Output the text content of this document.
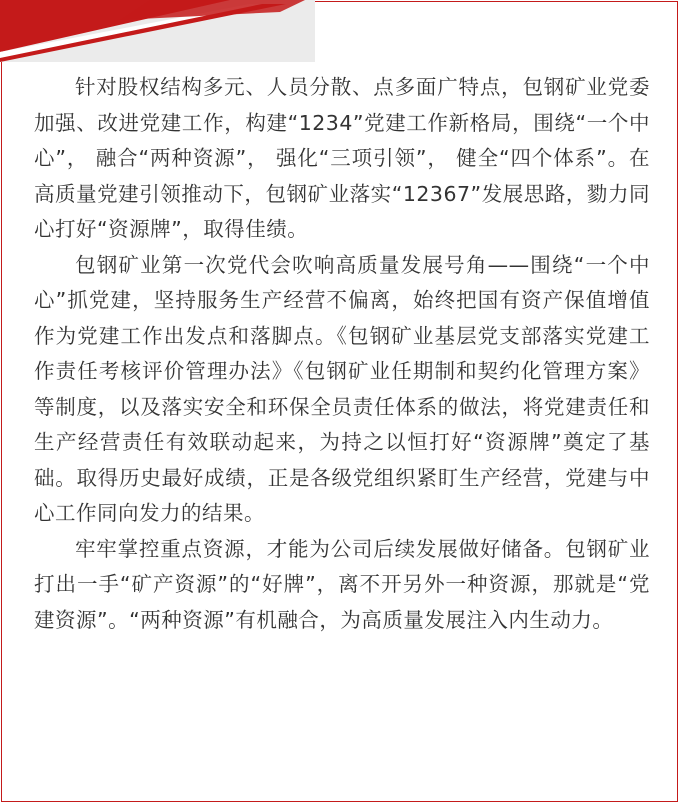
针对股权结构多元、人员分散、点多面广特点，包钢矿业党委加强、改进党建工作，构建“1234”党建工作新格局，围绕“一个中心”， 融合“两种资源”， 强化“三项引领”， 健全“四个体系”。在高质量党建引领推动下，包钢矿业落实“12367”发展思路，勠力同心打好“资源牌”，取得佳绩。

包钢矿业第一次党代会吹响高质量发展号角——围绕“一个中心”抓党建，坚持服务生产经营不偏离，始终把国有资产保值增值作为党建工作出发点和落脚点。《包钢矿业基层党支部落实党建工作责任考核评价管理办法》《包钢矿业任期制和契约化管理方案》等制度，以及落实安全和环保全员责任体系的做法，将党建责任和生产经营责任有效联动起来，为持之以恒打好“资源牌”奠定了基础。取得历史最好成绩，正是各级党组织紧盯生产经营，党建与中心工作同向发力的结果。

牢牢掌控重点资源，才能为公司后续发展做好储备。包钢矿业打出一手“矿产资源”的“好牌”，离不开另外一种资源，那就是“党建资源”。“两种资源”有机融合，为高质量发展注入内生动力。
